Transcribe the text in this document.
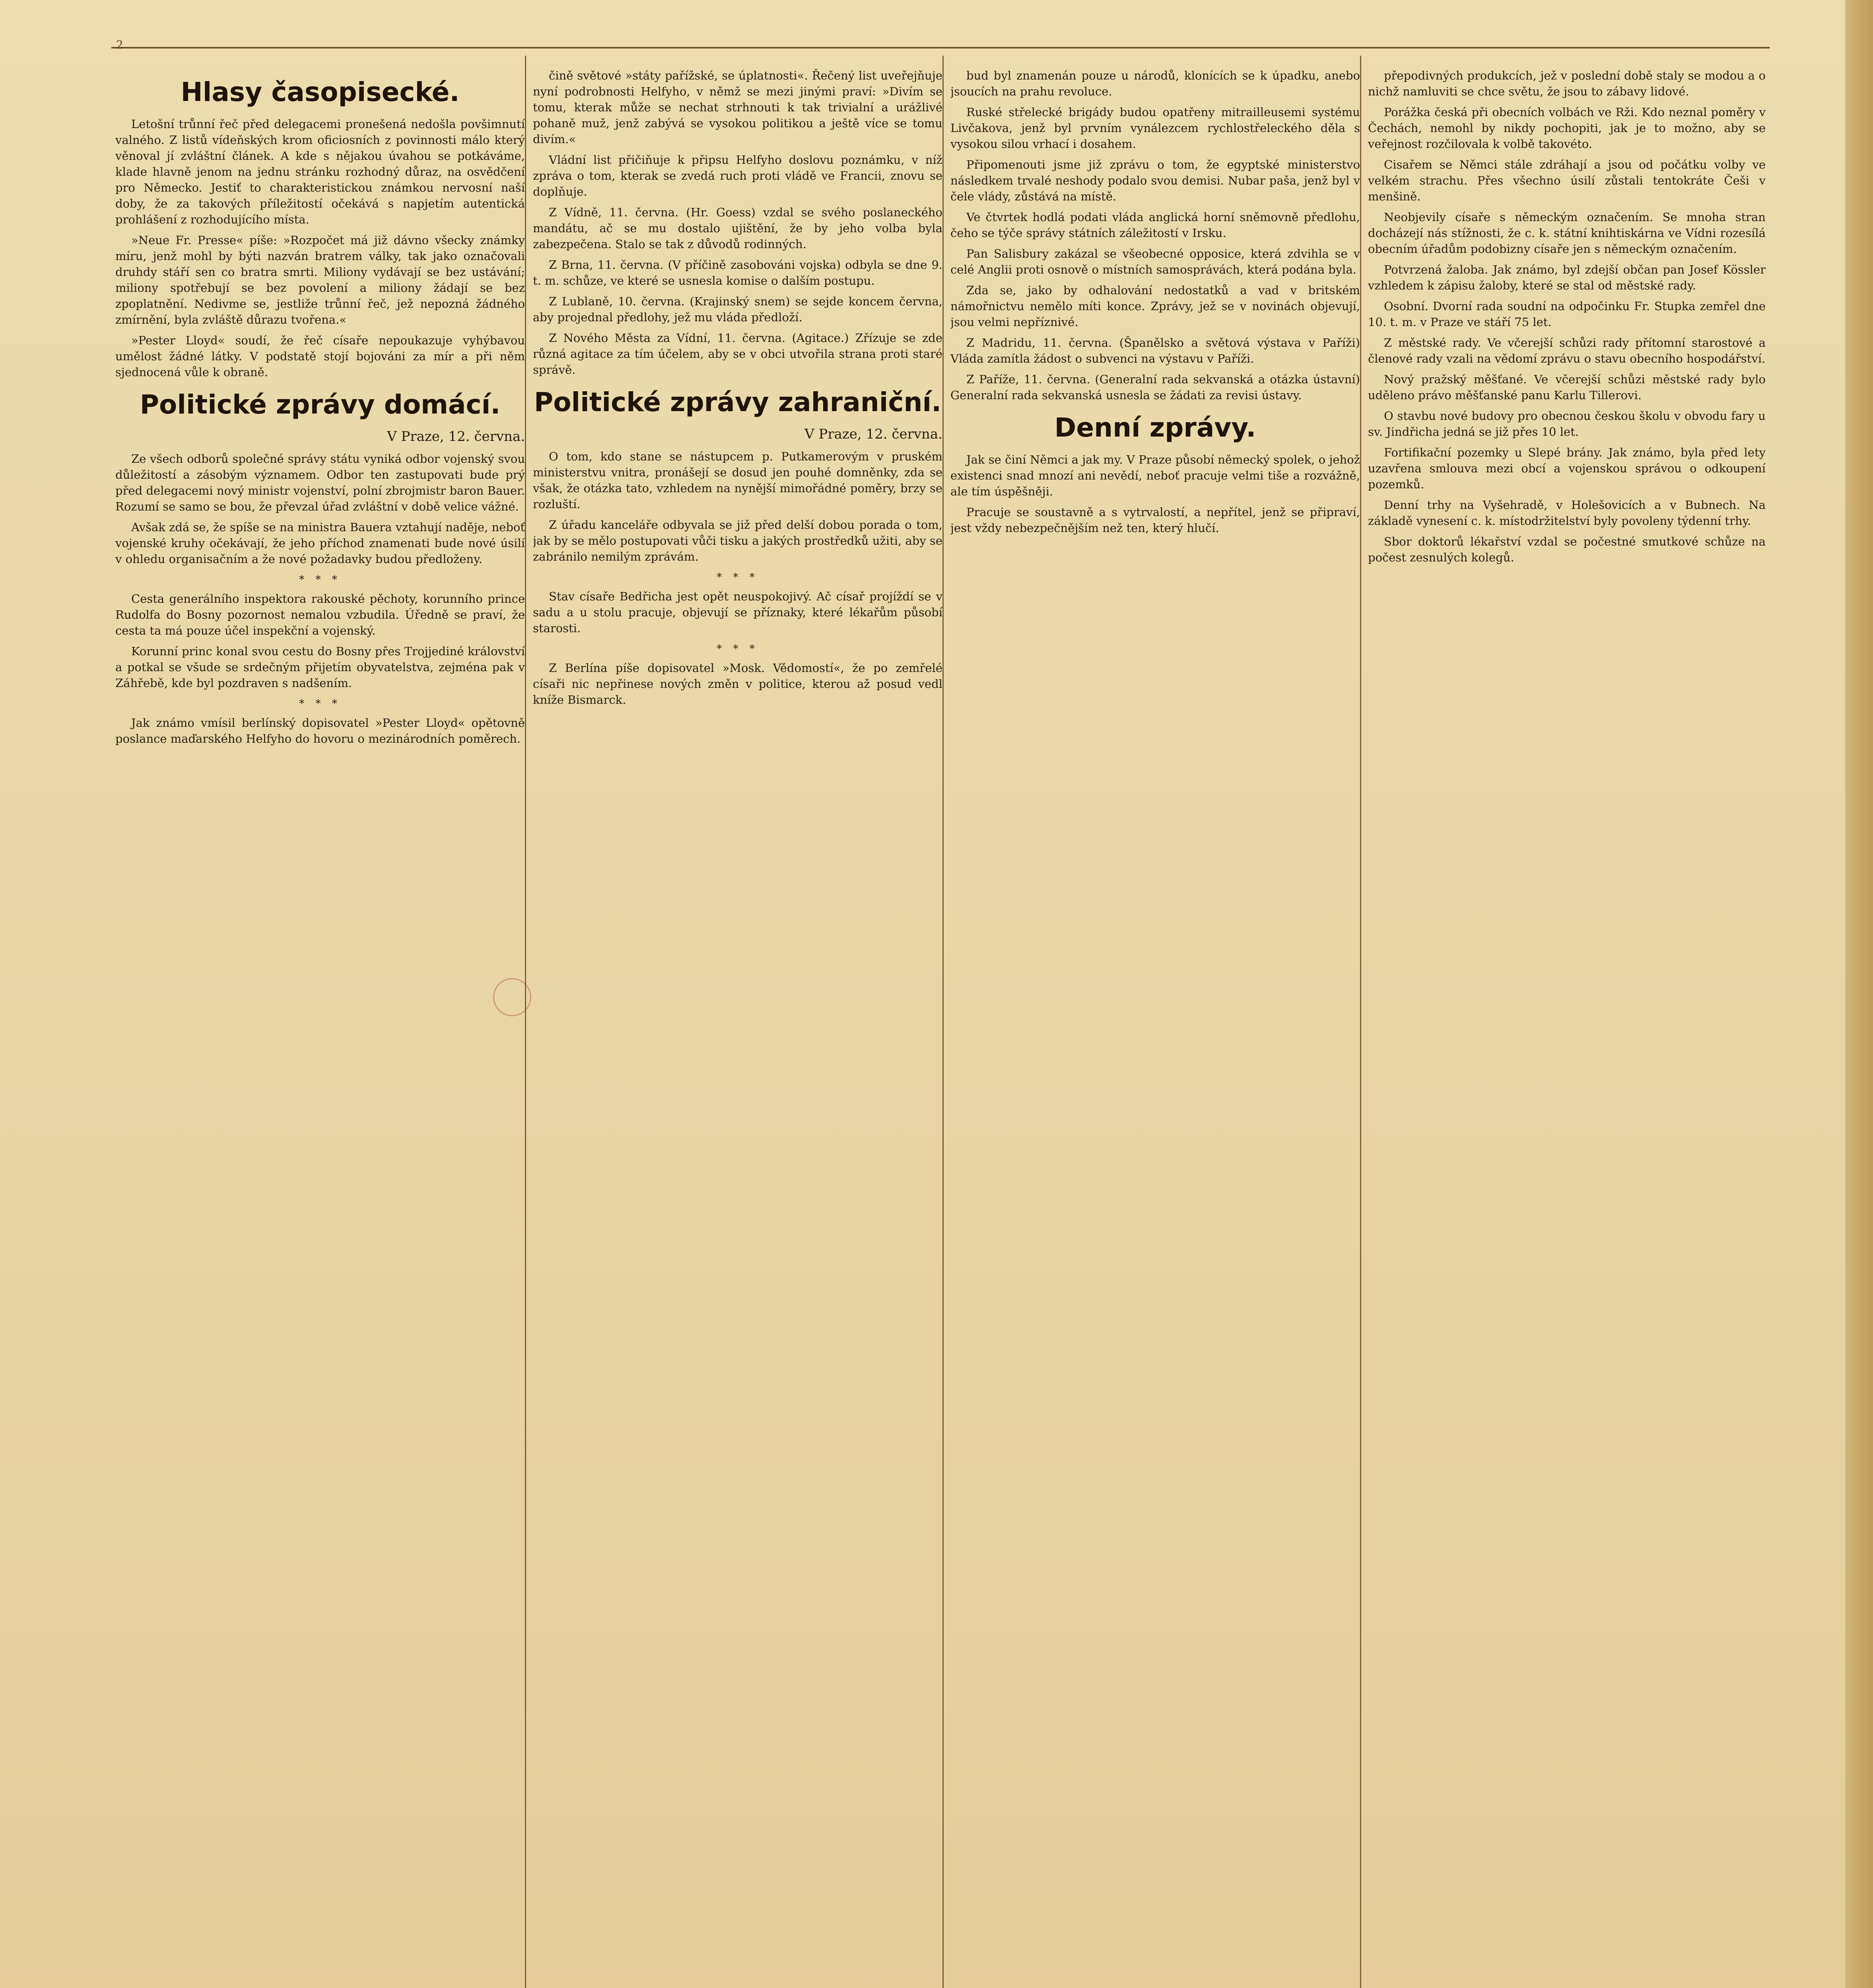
2
Hlasy časopisecké.

Letošní trůnní řeč před delegacemi pronešená nedošla povšimnutí valného. Z listů vídeňských krom oficiosních z povinnosti málo který věnoval jí zvláštní článek. A kde s nějakou úvahou se potkáváme, klade hlavně jenom na jednu stránku rozhodný důraz, na osvědčení pro Německo. Jestiť to charakteristickou známkou nervosní naší doby, že za takových příležitostí očekává s napjetím autentická prohlášení z rozhodujícího místa.

»Neue Fr. Presse« píše: »Rozpočet má již dávno všecky známky míru, jenž mohl by býti nazván bratrem války, tak jako označovali druhdy stáří sen co bratra smrti. Miliony vydávají se bez ustávání; miliony spotřebují se bez povolení a miliony žádají se bez zpoplatnění. Nedivme se, jestliže trůnní řeč, jež nepozná žádného zmírnění, byla zvláště důrazu tvořena.«

»Pester Lloyd« soudí, že řeč císaře nepoukazuje vyhýbavou umělost žádné látky. V podstatě stojí bojováni za mír a při něm sjednocená vůle k obraně.

Politické zprávy domácí.
V Praze, 12. června.

Ze všech odborů společné správy státu vyniká odbor vojenský svou důležitostí a zásobým významem. Odbor ten zastupovati bude prý před delegacemi nový ministr vojenství, polní zbrojmistr baron Bauer. Rozumí se samo se bou, že převzal úřad zvláštní v době velice vážné.

Avšak zdá se, že spíše se na ministra Bauera vztahují naděje, neboť vojenské kruhy očekávají, že jeho příchod znamenati bude nové úsilí v ohledu organisačním a že nové požadavky budou předloženy.

* * *

Cesta generálního inspektora rakouské pěchoty, korunního prince Rudolfa do Bosny pozornost nemalou vzbudila. Úředně se praví, že cesta ta má pouze účel inspekční a vojenský.

Korunní princ konal svou cestu do Bosny přes Trojjediné království a potkal se všude se srdečným přijetím obyvatelstva, zejména pak v Záhřebě, kde byl pozdraven s nadšením.

* * *

Jak známo vmísil berlínský dopisovatel »Pester Lloyd« opětovně poslance maďarského Helfyho do hovoru o mezinárodních poměrech.

čině světové »státy pařížské, se úplatnosti«. Řečený list uveřejňuje nyní podrobnosti Helfyho, v němž se mezi jinými praví: »Divím se tomu, kterak může se nechat strhnouti k tak trivialní a urážlivé pohaně muž, jenž zabývá se vysokou politikou a ještě více se tomu divím.«

Vládní list přičiňuje k připsu Helfyho doslovu poznámku, v níž zpráva o tom, kterak se zvedá ruch proti vládě ve Francii, znovu se doplňuje.

Z Vídně, 11. června. (Hr. Goess) vzdal se svého poslaneckého mandátu, ač se mu dostalo ujištění, že by jeho volba byla zabezpečena. Stalo se tak z důvodů rodinných.

Z Brna, 11. června. (V příčině zasobováni vojska) odbyla se dne 9. t. m. schůze, ve které se usnesla komise o dalším postupu.

Z Lublaně, 10. června. (Krajinský snem) se sejde koncem června, aby projednal předlohy, jež mu vláda předloží.

Z Nového Města za Vídní, 11. června. (Agitace.) Zřízuje se zde různá agitace za tím účelem, aby se v obci utvořila strana proti staré správě.

Politické zprávy zahraniční.
V Praze, 12. června.

O tom, kdo stane se nástupcem p. Putkamerovým v pruském ministerstvu vnitra, pronášejí se dosud jen pouhé domněnky, zda se však, že otázka tato, vzhledem na nynější mimořádné poměry, brzy se rozluští.

Z úřadu kanceláře odbyvala se již před delší dobou porada o tom, jak by se mělo postupovati vůči tisku a jakých prostředků užiti, aby se zabránilo nemilým zprávám.

* * *

Stav císaře Bedřicha jest opět neuspokojivý. Ač císař projíždí se v sadu a u stolu pracuje, objevují se příznaky, které lékařům působí starosti.

* * *

Z Berlína píše dopisovatel »Mosk. Vědomostí«, že po zemřelé císaři nic nepřinese nových změn v politice, kterou až posud vedl kníže Bismarck.

bud byl znamenán pouze u národů, klonících se k úpadku, anebo jsoucích na prahu revoluce.

Ruské střelecké brigády budou opatřeny mitrailleusemi systému Livčakova, jenž byl prvním vynálezcem rychlostřeleckého děla s vysokou silou vrhací i dosahem.

Připomenouti jsme již zprávu o tom, že egyptské ministerstvo následkem trvalé neshody podalo svou demisi. Nubar paša, jenž byl v čele vlády, zůstává na místě.

Ve čtvrtek hodlá podati vláda anglická horní sněmovně předlohu, čeho se týče správy státních záležitostí v Irsku.

Pan Salisbury zakázal se všeobecné opposice, která zdvihla se v celé Anglii proti osnově o místních samosprávách, která podána byla.

Zda se, jako by odhalování nedostatků a vad v britském námořnictvu nemělo míti konce. Zprávy, jež se v novinách objevují, jsou velmi nepříznivé.

Z Madridu, 11. června. (Španělsko a světová výstava v Paříži) Vláda zamítla žádost o subvenci na výstavu v Paříži.

Z Paříže, 11. června. (Generalní rada sekvanská a otázka ústavní) Generalní rada sekvanská usnesla se žádati za revisi ústavy.

Denní zprávy.

Jak se činí Němci a jak my. V Praze působí německý spolek, o jehož existenci snad mnozí ani nevědí, neboť pracuje velmi tiše a rozvážně, ale tím úspěšněji.

Pracuje se soustavně a s vytrvalostí, a nepřítel, jenž se připraví, jest vždy nebezpečnějším než ten, který hlučí.

přepodivných produkcích, jež v poslední době staly se modou a o nichž namluviti se chce světu, že jsou to zábavy lidové.

Porážka česká při obecních volbách ve Rži. Kdo neznal poměry v Čechách, nemohl by nikdy pochopiti, jak je to možno, aby se veřejnost rozčilovala k volbě takovéto.

Cisařem se Němci stále zdráhají a jsou od počátku volby ve velkém strachu. Přes všechno úsilí zůstali tentokráte Češi v menšině.

Neobjevily císaře s německým označením. Se mnoha stran docházejí nás stížnosti, že c. k. státní knihtiskárna ve Vídni rozesílá obecním úřadům podobizny císaře jen s německým označením.

Potvrzená žaloba. Jak známo, byl zdejší občan pan Josef Kössler vzhledem k zápisu žaloby, které se stal od městské rady.

Osobní. Dvorní rada soudní na odpočinku Fr. Stupka zemřel dne 10. t. m. v Praze ve stáří 75 let.

Z městské rady. Ve včerejší schůzi rady přítomní starostové a členové rady vzali na vědomí zprávu o stavu obecního hospodářství.

Nový pražský měšťané. Ve včerejší schůzi městské rady bylo uděleno právo měšťanské panu Karlu Tillerovi.

O stavbu nové budovy pro obecnou českou školu v obvodu fary u sv. Jindřicha jedná se již přes 10 let.

Fortifikační pozemky u Slepé brány. Jak známo, byla před lety uzavřena smlouva mezi obcí a vojenskou správou o odkoupení pozemků.

Denní trhy na Vyšehradě, v Holešovicích a v Bubnech. Na základě vynesení c. k. místodržitelství byly povoleny týdenní trhy.

Sbor doktorů lékařství vzdal se počestné smutkové schůze na počest zesnulých kolegů.
